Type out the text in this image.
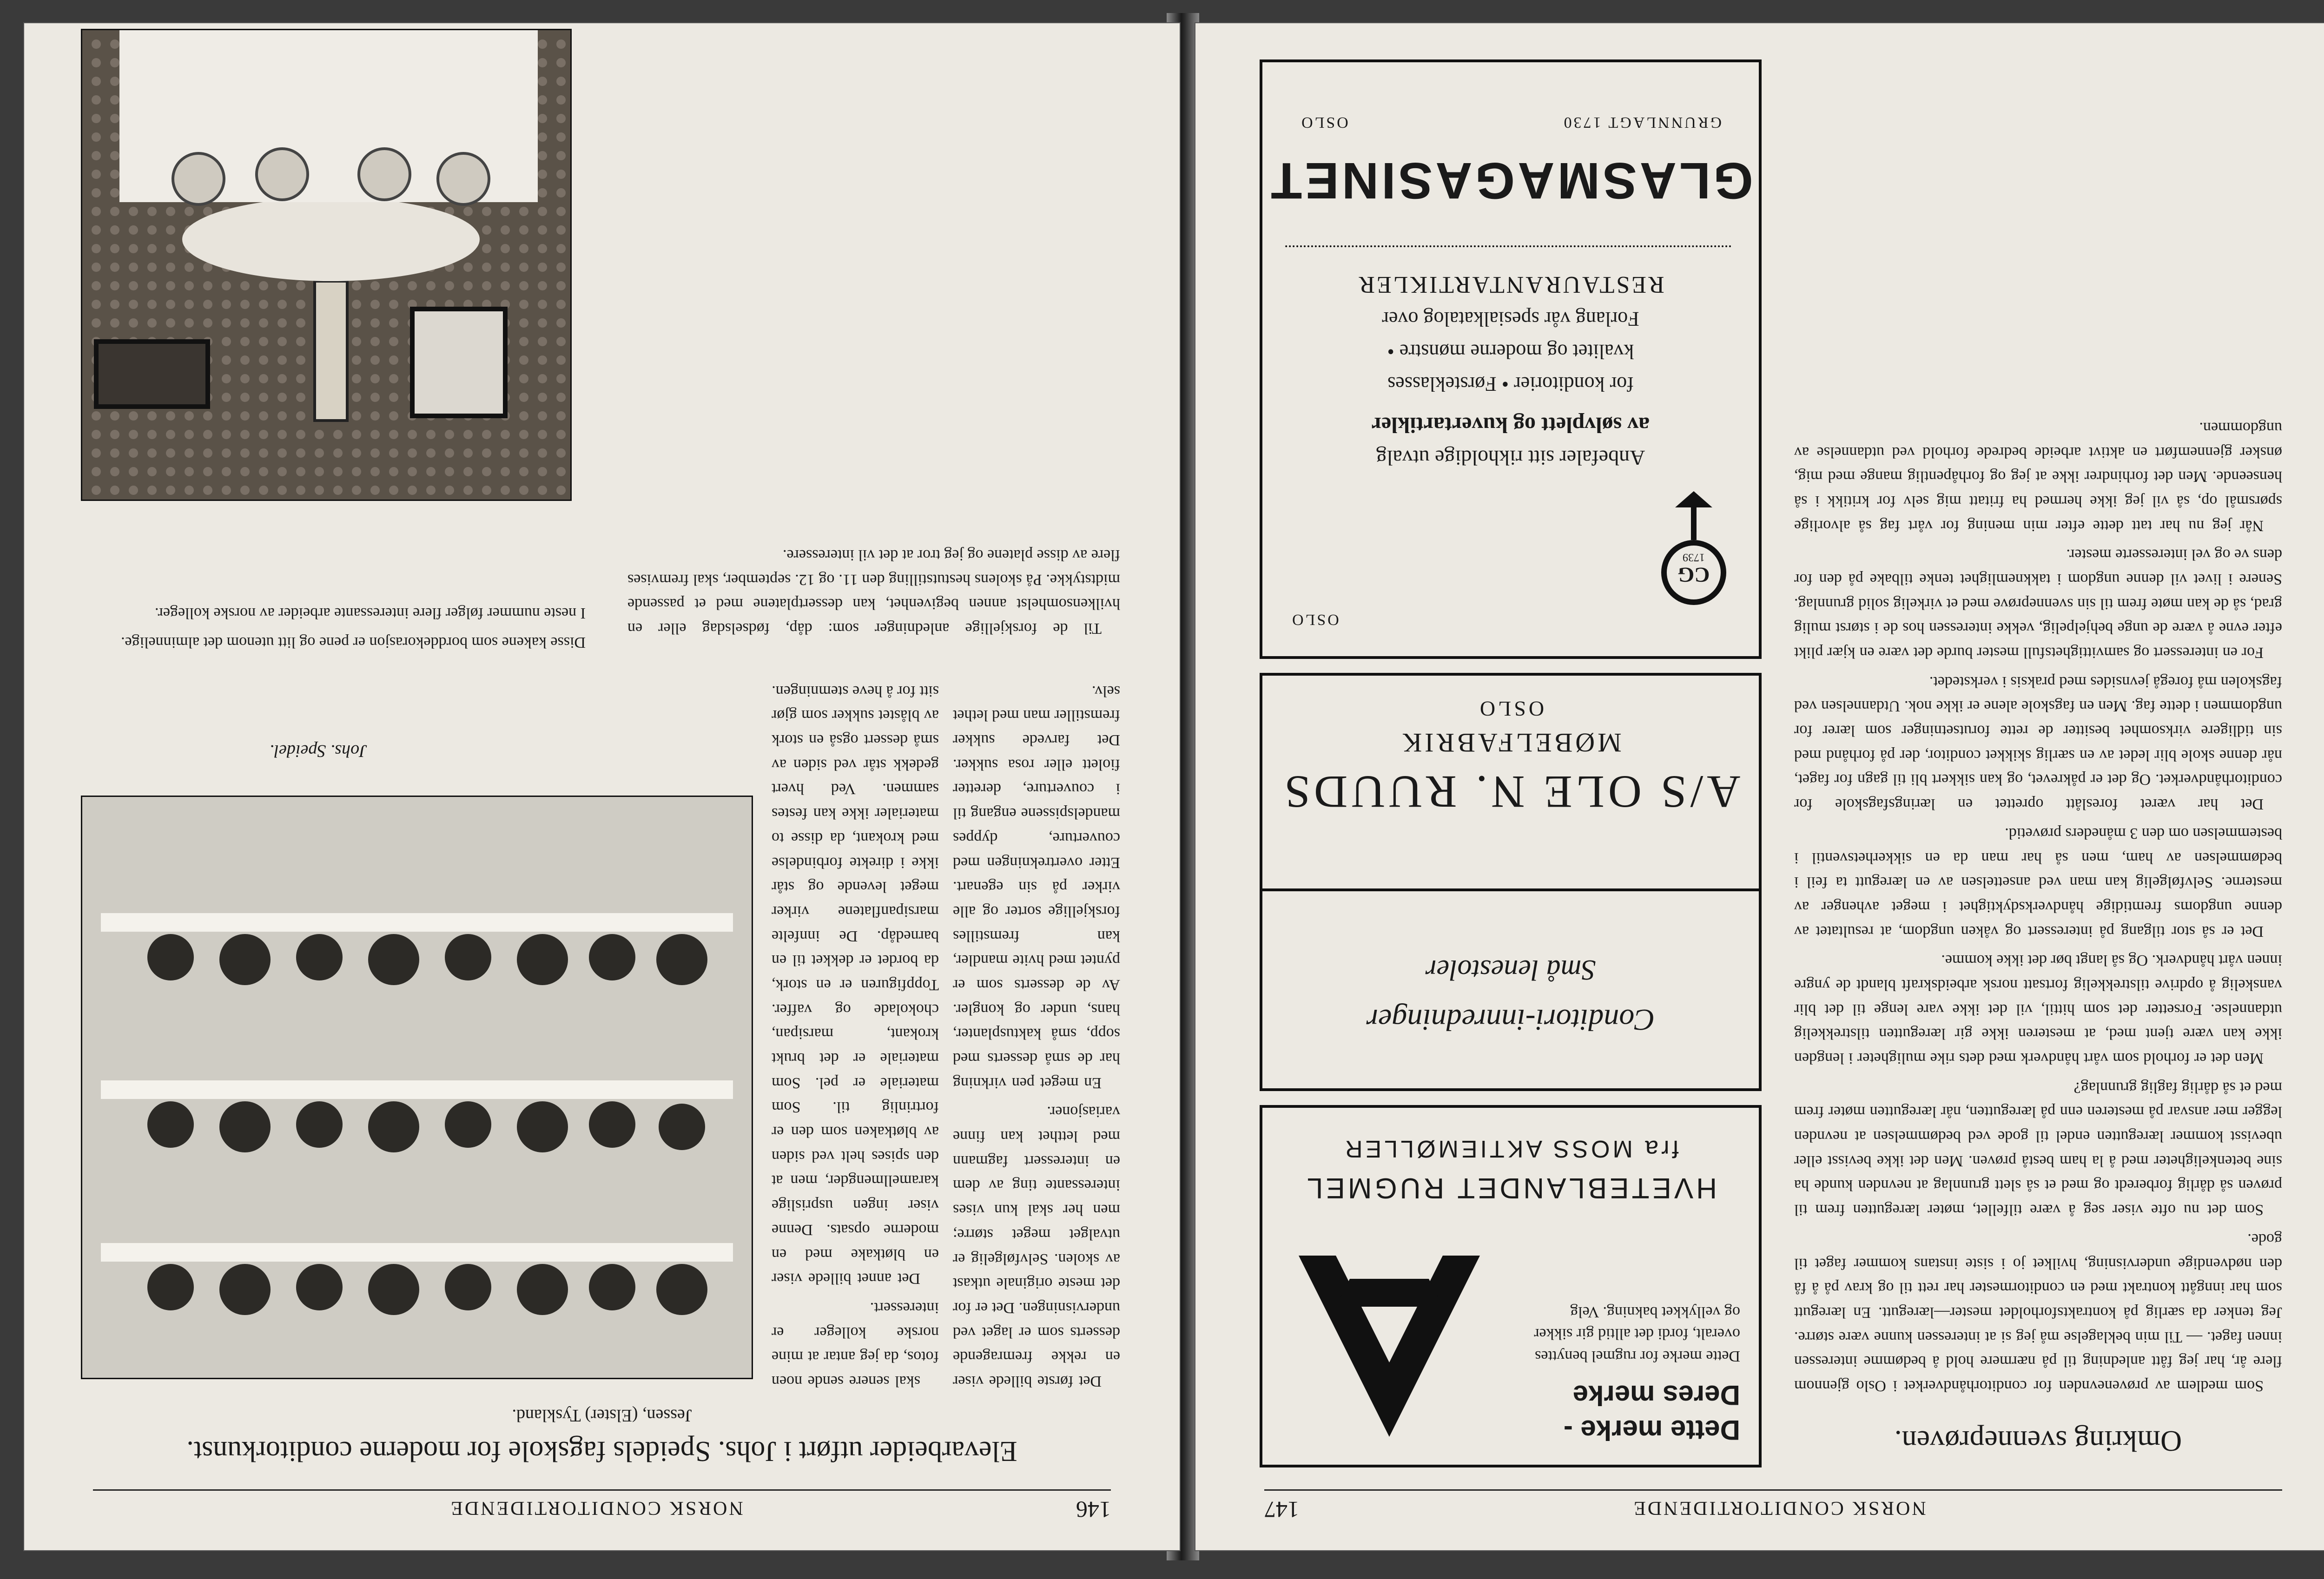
146
NORSK CONDITORTIDENDE
Elevarbeider utført i Johs. Speidels fagskole for moderne conditorkunst.
Jessen, (Elster) Tyskland.

Det første billede viser en rekke fremragende desserts som er laget ved undervisningen. Det er for det meste originale utkast av skolen. Selvfølgelig er utvalget meget større; men her skal kun vises interessante ting av dem en interessert fagmann med letthet kan finne variasjoner.

En meget pen virkning har de små desserts med sopp, små kaktusplanter, hans, under og kongler. Av de desserts som er pyntet med hvite mandler, kan fremstilles forskjellige sorter og alle virker på sin egenart. Etter overtrekningen med couverture, dyppes mandelspissene engang til i couverture, deretter fiolett eller rosa sukker. Det farvede sukker fremstiller man med lethet selv.

Til de forskjellige anledninger som: dåp, fødselsdag eller en hvilkensomhelst annen begivenhet, kan dessertplatene med et passende midtstykke. På skolens hestutstilling den 11. og 12. september, skal fremvises flere av disse platene og jeg tror at det vil interessere.

skal senere sende noen fotos, da jeg antar at mine norske kolleger er interessert.

Det annet billede viser en bløtkake med en moderne opsats. Denne viser ingen usprislige karamellmengder, men at den spises helt ved siden av bløtkaken som den er fortrinlig til. Som materiale er pel. Som materiale er det brukt krokant, marsipan, chokolade og vaffer. Toppfiguren er en stork, da bordet er dekket til en barnedåp. De innfelte marsipanflatene virker meget levende og står ikke i direkte forbindelse med krokant, da disse to materialer ikke kan festes sammen. Ved hvert gedekk står ved siden av små dessert også en stork av blåstet sukker som gjør sitt for å heve stemningen.

Disse kakene som borddekorasjon er pene og litt utenom det alminnelige.

I neste nummer følger flere interessante arbeider av norske kolleger.

Johs. Speidel.
NORSK CONDITORTIDENDE
147
Omkring svenneprøven.

Som medlem av prøvenevnden for conditorhåndverket i Oslo gjennom flere år, har jeg fått anledning til på nærmere hold å bedømme interessen innen faget. — Til min beklagelse må jeg si at interessen kunne være større. Jeg tenker da særlig på kontraktsforholdet mester—læregutt. En læregutt som har inngått kontrakt med en conditormester har rett til og krav på å få den nødvendige undervisning, hvilket jo i siste instans kommer faget til gode.

Som det nu ofte viser seg å være tilfellet, møter læregutten frem til prøven så dårlig forberedt og med et så slett grunnlag at nevnden kunde ha sine betenkeligheter med å la ham bestå prøven. Men det ikke bevisst eller ubevisst kommer læregutten endel til gode ved bedømmelsen at nevnden legger mer ansvar på mesteren enn på læregutten, når læregutten møter frem med et så dårlig faglig grunnlag?

Men det er forhold som vårt håndverk med dets rike muligheter i lengden ikke kan være tjent med, at mesteren ikke gir læregutten tilstrekkelig utdannelse. Forsetter det som hittil, vil det ikke vare lenge til det blir vanskelig å opdrive tilstrekkelig fortsatt norsk arbeidskraft blandt de yngre innen vårt håndverk. Og så langt bør det ikke komme.

Det er så stor tilgang på interessert og våken ungdom, at resultatet av denne ungdoms fremtidige håndverksdyktighet i meget avhenger av mesterne. Selvfølgelig kan man ved ansettelsen av en læregutt ta feil i bedømmelsen av ham, men så har man da en sikkerhetsventil i bestemmelsen om den 3 måneders prøvetid.

Det har været foreslått oprettet en læringsfagskole for conditorhåndverket. Og det er påkrevet, og kan sikkert bli til gagn for faget, når denne skole blir ledet av en særlig skikket conditor, der på forhånd med sin tidligere virksomhet besitter de rette forutsetninger som lærer for ungdommen i dette fag. Men en fagskole alene er ikke nok. Utdannelsen ved fagskolen må foregå jevnsides med praksis i verkstedet.

For en interessert og samvittighetsfull mester burde det være en kjær plikt efter evne å være de unge behjelpelig, vekke interessen hos de i størst mulig grad, så de kan møte frem til sin svenneprøve med et virkelig solid grunnlag. Senere i livet vil denne ungdom i takknemlighet tenke tilbake på den for dens ve og vel interesserte mester.

Når jeg nu har tatt dette efter min mening for vårt fag så alvorlige spørsmål op, så vil jeg ikke hermed ha fritatt mig selv for kritikk i så henseende. Men det forhindrer ikke at jeg og forhåpentlig mange med mig, ønsker gjennemført en aktivt arbeide bedrede forhold ved utdannelse av ungdommen.

Dette merke -
Deres merke
Dette merke for rugmel benyttes overalt, fordi det alltid gir sikker og vellykket bakning. Velg
HVETEBLANDET RUGMEL
fra MOSS AKTIEMØLLER
Conditori-innredninger
Små lenestoler
A/S OLE N. RUUDS
MØBELFABRIK
OSLO
CG
1739
OSLO
Anbefaler sitt rikholdige utvalg
av sølvplett og kuvertartikler
for konditorier • Førsteklasses
kvalitet og moderne mønstre •
Forlang vår spesialkatalog over
RESTAURANTARTIKLER
GLASMAGASINET
GRUNNLAGT 1730
OSLO
